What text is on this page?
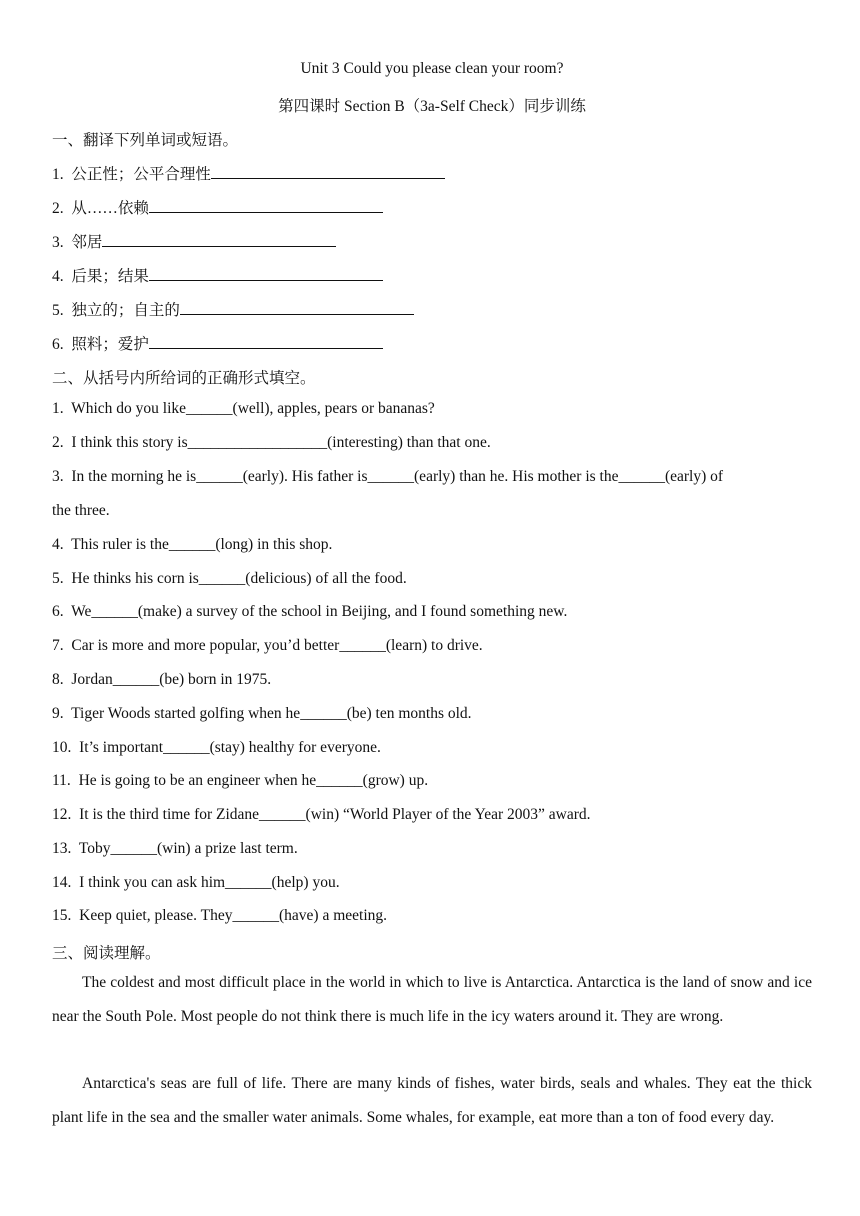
Unit 3 Could you please clean your room?
第四课时 Section B（3a-Self Check）同步训练
一、翻译下列单词或短语。
1. 公正性；公平合理性
2. 从……依赖
3. 邻居
4. 后果；结果
5. 独立的；自主的
6. 照料；爱护
二、从括号内所给词的正确形式填空。
1. Which do you like______(well), apples, pears or bananas?
2. I think this story is__________________(interesting) than that one.
3. In the morning he is______(early). His father is______(early) than he. His mother is the______(early) of
the three.
4. This ruler is the______(long) in this shop.
5. He thinks his corn is______(delicious) of all the food.
6. We______(make) a survey of the school in Beijing, and I found something new.
7. Car is more and more popular, you’d better______(learn) to drive.
8. Jordan______(be) born in 1975.
9. Tiger Woods started golfing when he______(be) ten months old.
10. It’s important______(stay) healthy for everyone.
11. He is going to be an engineer when he______(grow) up.
12. It is the third time for Zidane______(win) “World Player of the Year 2003” award.
13. Toby______(win) a prize last term.
14. I think you can ask him______(help) you.
15. Keep quiet, please. They______(have) a meeting.
三、阅读理解。
The coldest and most difficult place in the world in which to live is Antarctica. Antarctica is the land of snow and ice near the South Pole. Most people do not think there is much life in the icy waters around it. They are wrong.
Antarctica's seas are full of life. There are many kinds of fishes, water birds, seals and whales. They eat the thick plant life in the sea and the smaller water animals. Some whales, for example, eat more than a ton of food every day.
